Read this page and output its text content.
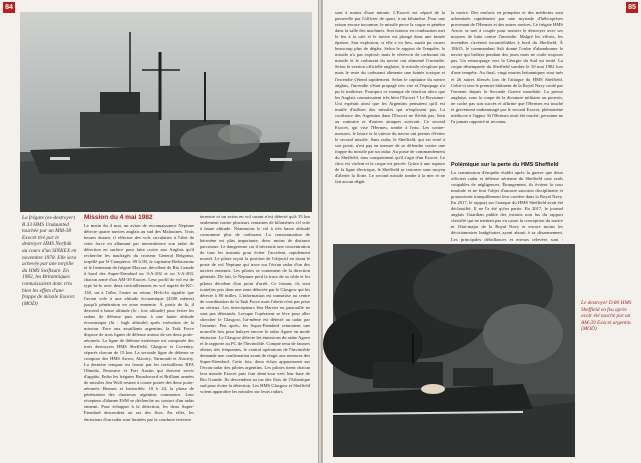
84
La frégate (ex-destroyer) B 33 HMS Undaunted touchée par un MM-38 Exocet tiré par le destroyer HMS Norfolk au cours d'un SINKEX en novembre 1978. Elle sera achevée par une torpille du HMS Swiftsure. En 1982, les Britanniques connaissaient donc très bien les effets d'une frappe de missile Exocet. (MOD)
Mission du 4 mai 1982
Le matin du 4 mai, un avion de reconnaissance Neptune détecte quatre navires anglais au sud des Malouines. Trois heures durant, il effectue des vols circulaires à l'abri de cette force en allumant par intermittence son radar de détection en surface pour faire croire aux Anglais qu'il recherche les naufragés du croiseur General Belgrano, torpillé par le Conqueror. 09 h 00, le capitaine Bedacarratz et le lieutenant de frégate Mayora, décollent de Rio Grande à bord des Super-Etendard no 3-A-202 et no 3-A-203, chacun armé d'un AM-39 Exocet. Leur profil de vol est de type hi-lo avec deux ravitaillements en vol auprès de KC-130, un à l'aller, l'autre au retour. Hi-lo-hi signifie que l'avion vole à une altitude économique (4500 mètres) jusqu'à pénétration en zone ennemie. À partir de là, il descend à basse altitude (lo : low altitude) pour éviter les radars de défense puis retour à une haute altitude économique (hi : high altitude) après exécution de la mission. Face aux assaillants argentins, la Task Force dispose de trois lignes de défense autour de ses deux porte-aéronefs. La ligne de défense extérieure est composée des trois destroyers HMS Sheffield, Glasgow et Coventry, séparés chacun de 15 km. La seconde ligne de défense se compose des HMS Arrow, Alacrity, Yarmouth et Alacrity. La dernière rempart est fourni par les ravitailleurs RFA Olmeda, Resource et Fort Austin qui doivent servir d'appâts. Enfin les frégates Broadsword et Brilliant armées de missiles Sea Wolf restent à courte portée des deux porte-aéronefs Hermes et Invincible. 10 h 24, la phase de pénétration des chasseurs argentins commence. Leur récepteur d'alarme ESM se déclenche au contact d'un radar ennemi. Pour échapper à la détection, les deux Super-Etendard descendent au ras des flots. En effet, les émissions d'un radar sont limitées par la courbure terrestre.
terrestre et un avion en vol rasant n'est détecté qu'à 35 km seulement contre plusieurs centaines de kilomètres s'il vole à haute altitude. Néanmoins le vol à très basse altitude consomme plus de carburant. La consommation de kérosène est plus importante, donc moins de distance parcourue. Le dangereuse car il nécessite une concentration de tous les instants pour éviter l'accident, rapidement mortel. Le pilote reçoit la position de l'objectif en tirant le poste de vol Neptune qui trace sur l'écran radar d'un des navires ennemis. Les pilotes se contentent de la direction générale. De fait, le Neptune perd la trace de sa cible et les pilotes décident d'un point d'arrêt. Ce faisant, ils sont toutefois pris dans une zone détectée par le Glasgow qui les détecte à 80 milles. L'information est transmise au centre de coordination de la Task Force mais l'alerte n'est pas prise au sérieux. Les intercepteurs Sea Harrier en patrouille ne sont pas détournés. Lorsque l'opérateur se lève pour aller chercher le Glasgow, lui-même est détecté au radar par l'ennemi. Peu après, les Super-Etendard remontent une nouvelle fois pour balayer encore le radar Agave en mode émission. Le Glasgow détecte les émissions du radar Agave et le rapporte au PC de l'Invincible. Compte tenu de fausses alertes très fréquentes, le central opérations de l'Invincible demande une confirmation avant de réagir aux menaces des Super-Etendard. Cette fois, deux échos apparaissent sur l'écran radar des pilotes argentins. Les pilotes tirent chacun leur missile Exocet puis font demi-tour vers leur base de Rio Grande. Ils descendent au ras des flots de l'Atlantique sud pour éviter la détection. Les HMS Glasgow et Sheffield voient apparaître les missiles sur leurs radars.
85
sont à moins d'une minute. L'Exocet est séparé de la passerelle par l'officier de quart, à un kilomètre. Pour une raison encore inconnue, le missile perce la coque et pénètre dans la salle des machines. Son moteur en combustion met le feu à la cale et le navire est plongé dans une fumée épaisse. Son explosion, si elle a eu lieu, aurait pu causer beaucoup plus de dégâts. Selon le rapport de l'enquête, le missile n'a pas explosé, mais le réservoir de carburant du missile et le carburant du navire ont alimenté l'incendie. Selon la version officielle anglaise, le missile n'explose pas mais le reste du carburant alimente une fumée toxique et l'incendie s'étend rapidement. Selon le capitaine du navire anglais, l'incendie s'était propagé très vite et l'équipage n'a pu le maîtriser. Pourquoi ce manque de réaction alors que les Anglais connaissaient très bien l'Exocet ? Le Royaume-Uni espérait ainsi que les Argentins pensaient qu'il est inutile d'utiliser des missiles qui n'explosent pas. La confiance des Argentins dans l'Exocet ne fléchit pas, bien au contraire et d'autres attaques suivront. Ce second Exocet, qui vise l'Hermes, tombe à l'eau. Les contre-mesures, le leurre et la vitesse du navire ont permis d'éviter le second missile. Sans radar, le Sheffield, qui est resté à son poste, n'est pas en mesure de se défendre contre une frappe du missile par un radar. Au poste de commandement du Sheffield, tous comprennent qu'il s'agit d'un Exocet. Le choc est violent et la coque est percée. Grâce à une rupture de la ligne électrique, le Sheffield se retrouve sans moyen d'alerter la flotte. Le second missile tombe à la mer et ne fait aucun dégât.
la navire. Des renforts en pompiers et des médecins sont acheminés rapidement par une myriade d'hélicoptères provenant de l'Hermes et des autres navires. Le frégate HMS Arrow se met à couple pour assister le destroyer avec ses moyens de lutte contre l'incendie. Malgré les efforts, les incendies s'avèrent incontrôlables à bord du Sheffield. À 18h15, le commandant Salt donne l'ordre d'abandonner le navire qui brûlera pendant des jours mais ne coule toujours pas. Un remorquage vers la Géorgie du Sud est tenté. La coque désemparée du Sheffield sombre le 10 mai 1982 lors d'une tempête. Au final, vingt marins britanniques sont tués et 26 autres blessés lors de l'attaque du HMS Sheffield. Celui-ci sera le premier bâtiment de la Royal Navy coulé par l'ennemi depuis la Seconde Guerre mondiale. La presse anglaise, sous la coupe de la dictature militaire au pouvoir, ne cache pas son succès et affirme que l'Hermes est touché et gravement endommagé par le second Exocet, phénomène médiocre à l'appui. Si l'Hermes avait été touché, personne ne l'a jamais rapporté ni reconnu.
Polémique sur la perte du HMS Sheffield
La commission d'enquête établit après la guerre que deux officiers radar et défense aérienne du Sheffield sont seuls coupables de négligences. Étrangement, ils évitent la cour martiale et ne font l'objet d'aucune sanction disciplinaire et poursuivent tranquillement leur carrière dans la Royal Navy. En 2017, le rapport sur l'attaque du HMS Sheffield avait été déclassifié. Il ne l'a été qu'en partie. En 2017, le journal anglais Guardian publie des extraits non lus du rapport classifié qui ne mettent pas en cause la conception du navire ni l'état-major de la Royal Navy et encore moins les décisionnaires budgétaires ayant abouti à sa désarmement. Les principales défaillances et erreurs relevées sont :
Le destroyer D 80 HMS Sheffield en feu après avoir été touché par un AM-39 Exocet argentin. (MOD)
